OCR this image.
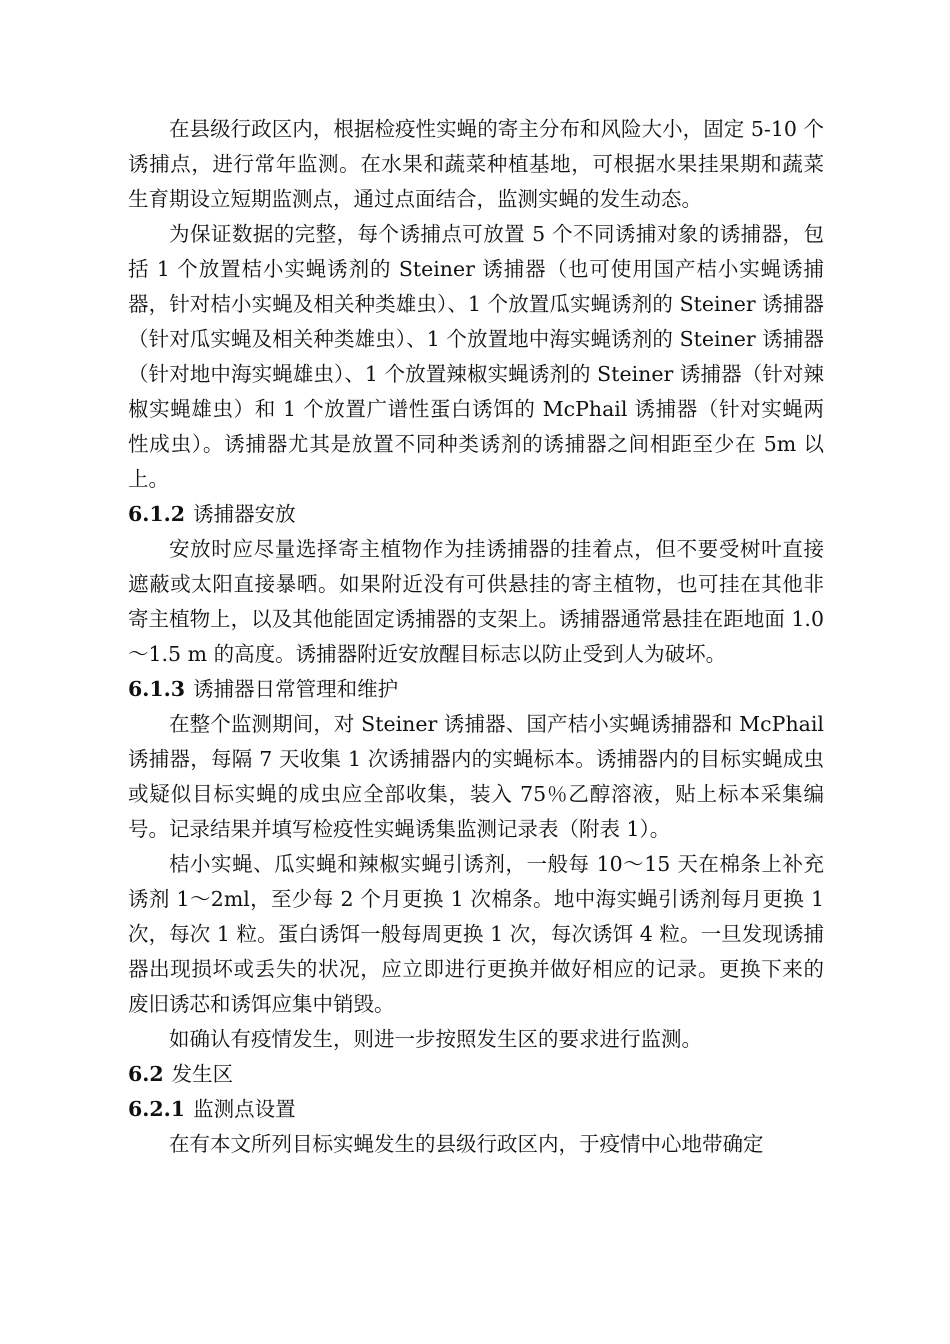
在县级行政区内，根据检疫性实蝇的寄主分布和风险大小，固定 5-10 个诱捕点，进行常年监测。在水果和蔬菜种植基地，可根据水果挂果期和蔬菜生育期设立短期监测点，通过点面结合，监测实蝇的发生动态。

为保证数据的完整，每个诱捕点可放置 5 个不同诱捕对象的诱捕器，包括 1 个放置桔小实蝇诱剂的 Steiner 诱捕器（也可使用国产桔小实蝇诱捕器，针对桔小实蝇及相关种类雄虫）、1 个放置瓜实蝇诱剂的 Steiner 诱捕器（针对瓜实蝇及相关种类雄虫）、1 个放置地中海实蝇诱剂的 Steiner 诱捕器（针对地中海实蝇雄虫）、1 个放置辣椒实蝇诱剂的 Steiner 诱捕器（针对辣椒实蝇雄虫）和 1 个放置广谱性蛋白诱饵的 McPhail 诱捕器（针对实蝇两性成虫）。诱捕器尤其是放置不同种类诱剂的诱捕器之间相距至少在 5m 以上。

6.1.2 诱捕器安放

安放时应尽量选择寄主植物作为挂诱捕器的挂着点，但不要受树叶直接遮蔽或太阳直接暴晒。如果附近没有可供悬挂的寄主植物，也可挂在其他非寄主植物上，以及其他能固定诱捕器的支架上。诱捕器通常悬挂在距地面 1.0～1.5 m 的高度。诱捕器附近安放醒目标志以防止受到人为破坏。

6.1.3 诱捕器日常管理和维护

在整个监测期间，对 Steiner 诱捕器、国产桔小实蝇诱捕器和 McPhail 诱捕器，每隔 7 天收集 1 次诱捕器内的实蝇标本。诱捕器内的目标实蝇成虫或疑似目标实蝇的成虫应全部收集，装入 75％乙醇溶液，贴上标本采集编号。记录结果并填写检疫性实蝇诱集监测记录表（附表 1）。

桔小实蝇、瓜实蝇和辣椒实蝇引诱剂，一般每 10～15 天在棉条上补充诱剂 1～2ml，至少每 2 个月更换 1 次棉条。地中海实蝇引诱剂每月更换 1 次，每次 1 粒。蛋白诱饵一般每周更换 1 次，每次诱饵 4 粒。一旦发现诱捕器出现损坏或丢失的状况，应立即进行更换并做好相应的记录。更换下来的废旧诱芯和诱饵应集中销毁。

如确认有疫情发生，则进一步按照发生区的要求进行监测。

6.2 发生区

6.2.1 监测点设置

在有本文所列目标实蝇发生的县级行政区内，于疫情中心地带确定
